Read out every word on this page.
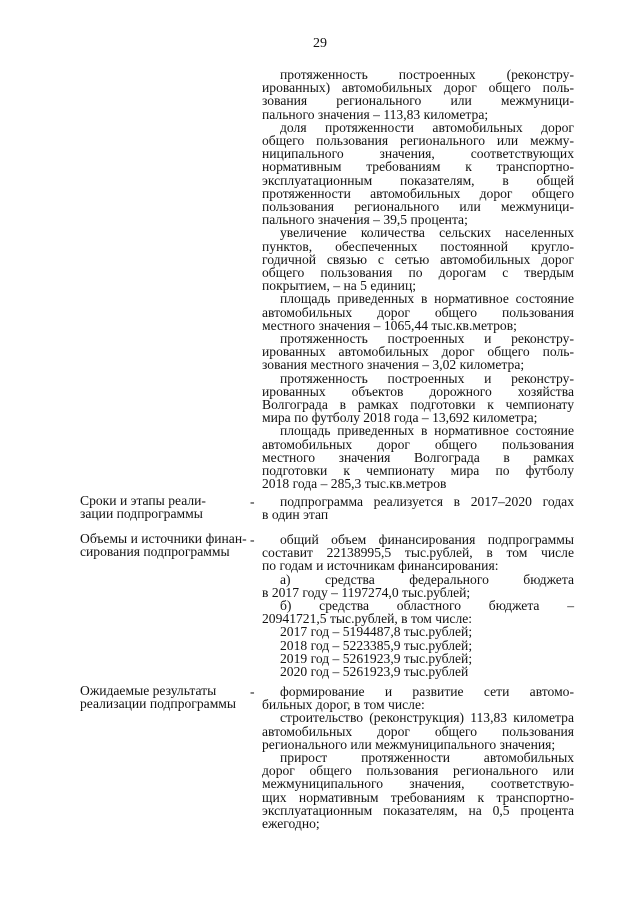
29
протяженность построенных (реконстру-
ированных) автомобильных дорог общего поль-
зования регионального или межмуници-
пального значения – 113,83 километра;
доля протяженности автомобильных дорог
общего пользования регионального или межму-
ниципального значения, соответствующих
нормативным требованиям к транспортно-
эксплуатационным показателям, в общей
протяженности автомобильных дорог общего
пользования регионального или межмуници-
пального значения – 39,5 процента;
увеличение количества сельских населенных
пунктов, обеспеченных постоянной кругло-
годичной связью с сетью автомобильных дорог
общего пользования по дорогам с твердым
покрытием, – на 5 единиц;
площадь приведенных в нормативное состояние
автомобильных дорог общего пользования
местного значения – 1065,44 тыс.кв.метров;
протяженность построенных и реконстру-
ированных автомобильных дорог общего поль-
зования местного значения – 3,02 километра;
протяженность построенных и реконстру-
ированных объектов дорожного хозяйства
Волгограда в рамках подготовки к чемпионату
мира по футболу 2018 года – 13,692 километра;
площадь приведенных в нормативное состояние
автомобильных дорог общего пользования
местного значения Волгограда в рамках
подготовки к чемпионату мира по футболу
2018 года – 285,3 тыс.кв.метров
Сроки и этапы реали-
зации подпрограммы
-	подпрограмма реализуется в 2017–2020 годах
в один этап
Объемы и источники финан-
сирования подпрограммы
-	общий объем финансирования подпрограммы
составит 22138995,5 тыс.рублей, в том числе
по годам и источникам финансирования:
а) средства федерального бюджета
в 2017 году – 1197274,0 тыс.рублей;
б) средства областного бюджета –
20941721,5 тыс.рублей, в том числе:
2017 год – 5194487,8 тыс.рублей;
2018 год – 5223385,9 тыс.рублей;
2019 год – 5261923,9 тыс.рублей;
2020 год – 5261923,9 тыс.рублей
Ожидаемые результаты
реализации подпрограммы
-	формирование и развитие сети автомо-
бильных дорог, в том числе:
строительство (реконструкция) 113,83 километра
автомобильных дорог общего пользования
регионального или межмуниципального значения;
прирост протяженности автомобильных
дорог общего пользования регионального или
межмуниципального значения, соответствую-
щих нормативным требованиям к транспортно-
эксплуатационным показателям, на 0,5 процента
ежегодно;
